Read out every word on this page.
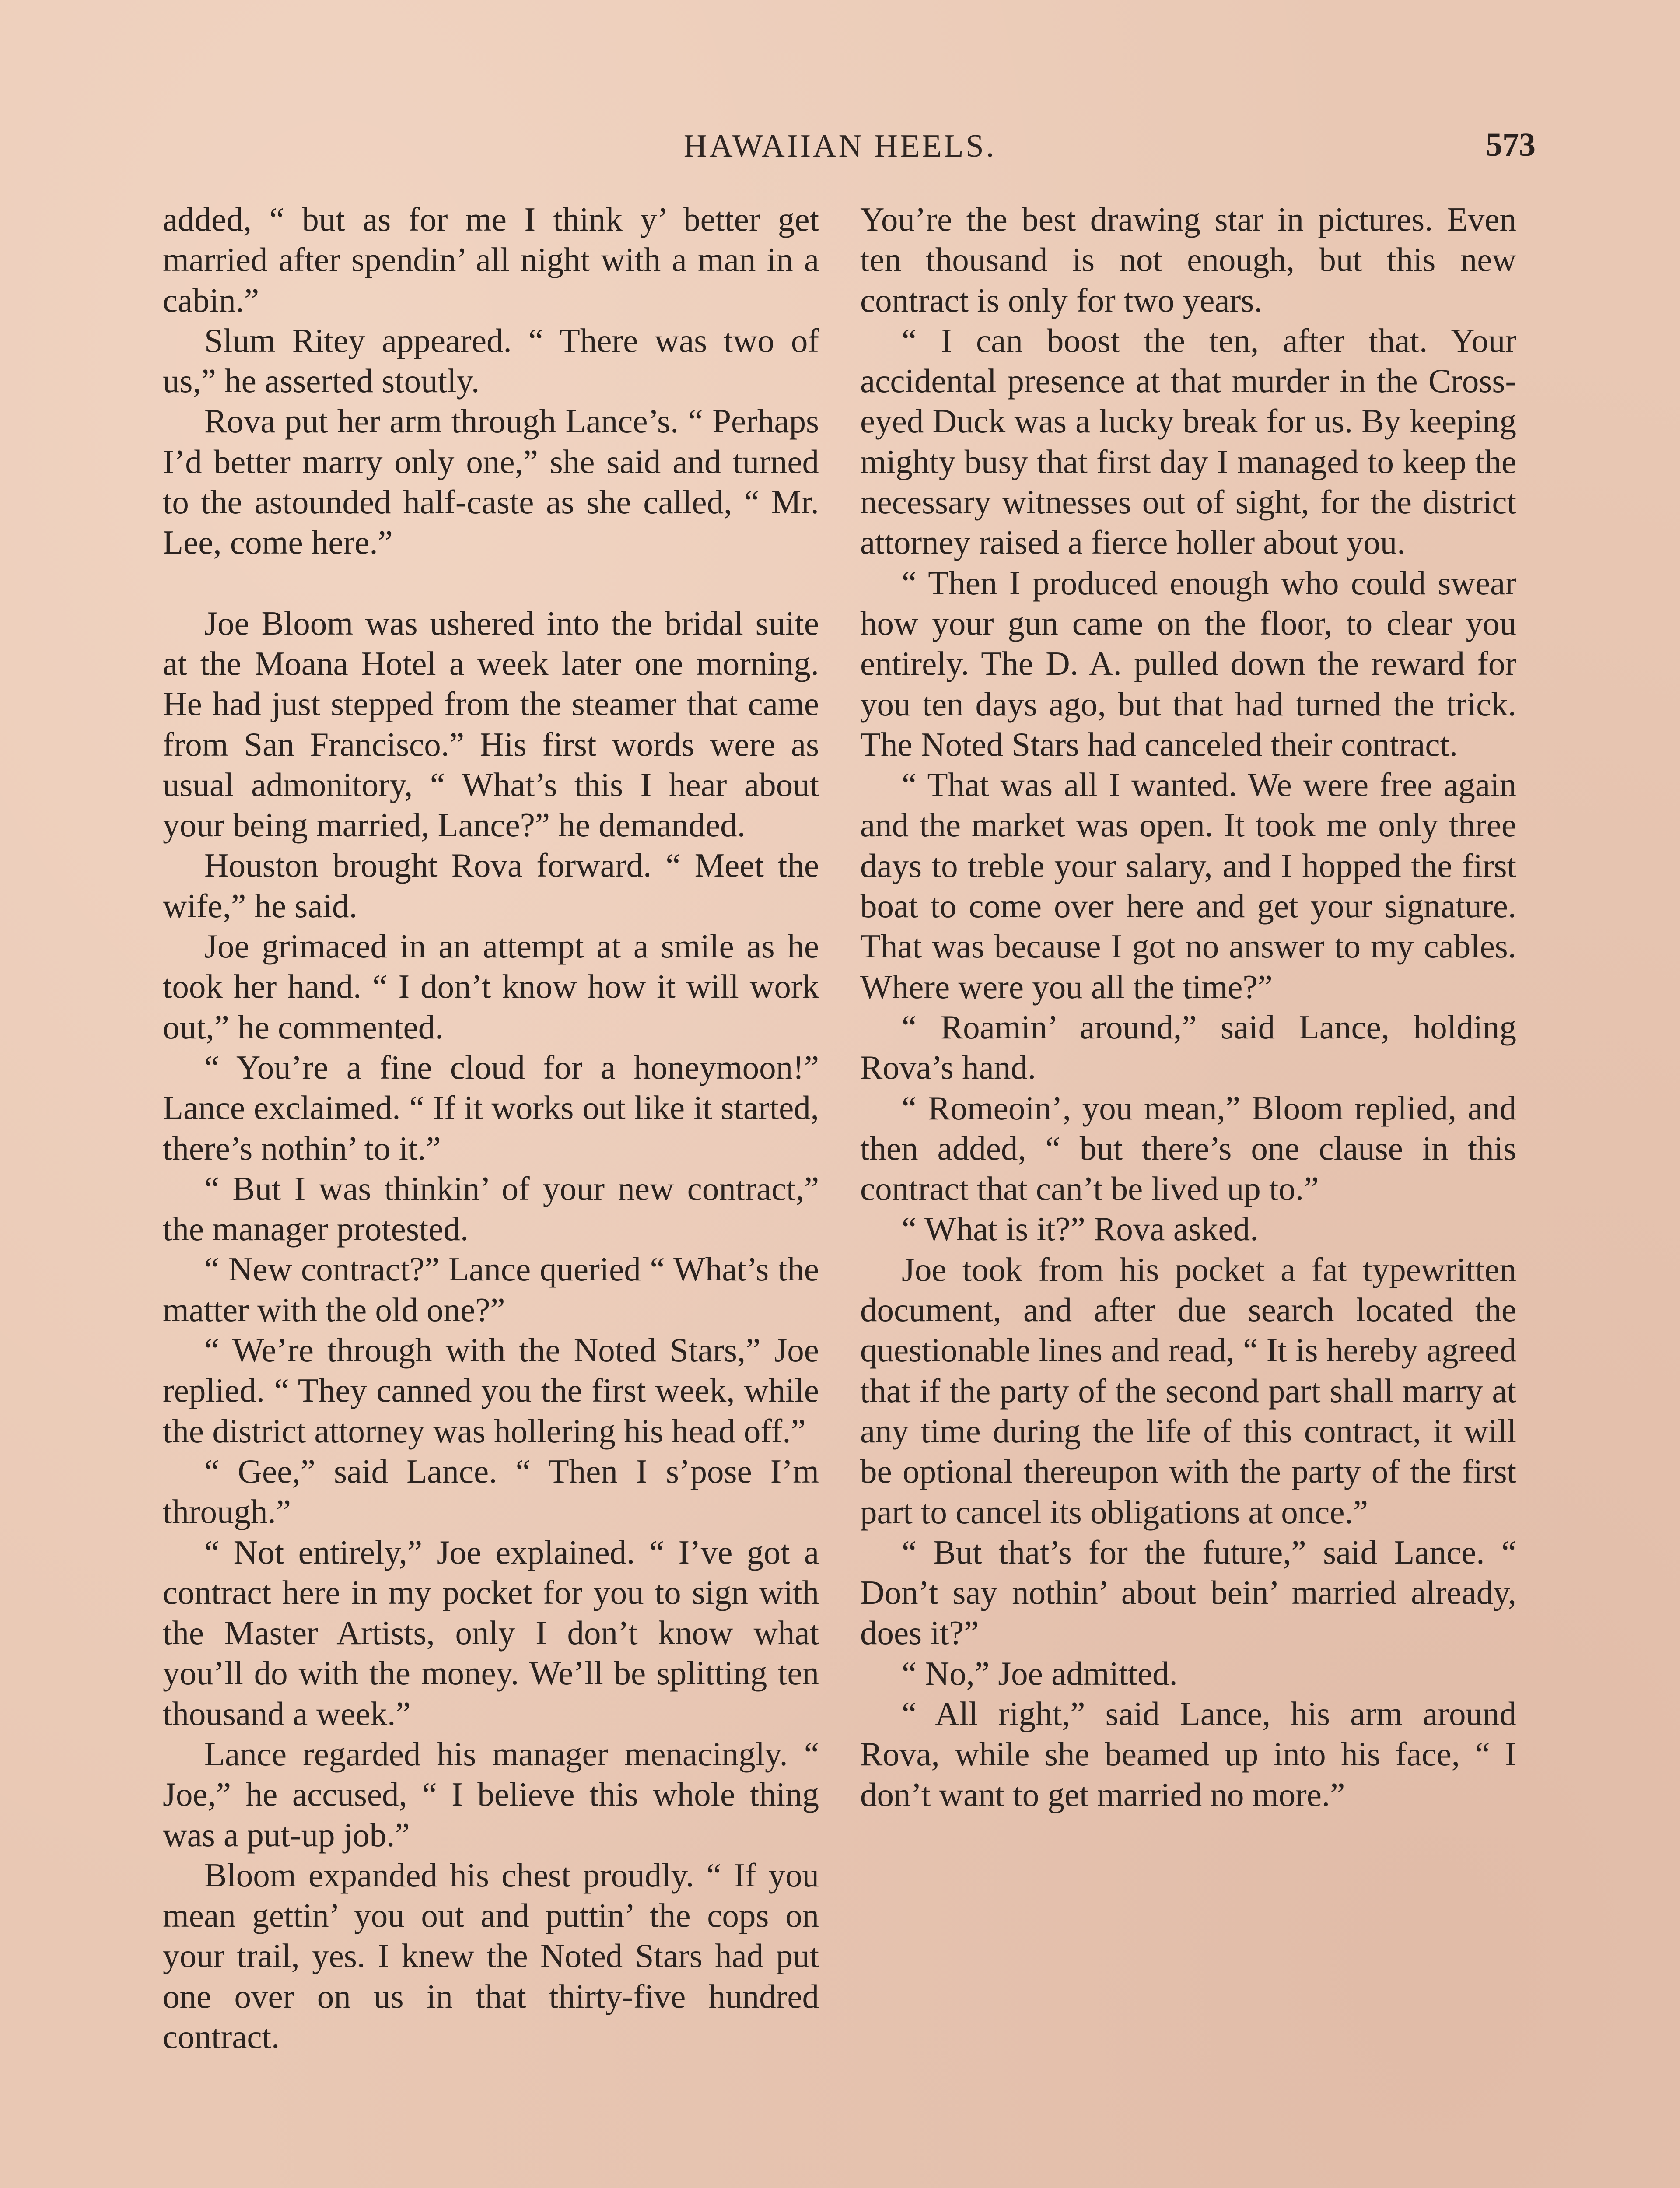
HAWAIIAN HEELS.	573

added, “ but as for me I think y’ better get married after spendin’ all night with a man in a cabin.”

Slum Ritey appeared. “ There was two of us,” he asserted stoutly.

Rova put her arm through Lance’s. “ Perhaps I’d better marry only one,” she said and turned to the astounded half-caste as she called, “ Mr. Lee, come here.”

Joe Bloom was ushered into the bridal suite at the Moana Hotel a week later one morning. He had just stepped from the steamer that came from San Francisco.” His first words were as usual admonitory, “ What’s this I hear about your being married, Lance?” he demanded.

Houston brought Rova forward. “ Meet the wife,” he said.

Joe grimaced in an attempt at a smile as he took her hand. “ I don’t know how it will work out,” he commented.

“ You’re a fine cloud for a honeymoon!” Lance exclaimed. “ If it works out like it started, there’s nothin’ to it.”

“ But I was thinkin’ of your new contract,” the manager protested.

“ New contract?” Lance queried “ What’s the matter with the old one?”

“ We’re through with the Noted Stars,” Joe replied. “ They canned you the first week, while the district attorney was hollering his head off.”

“ Gee,” said Lance. “ Then I s’pose I’m through.”

“ Not entirely,” Joe explained. “ I’ve got a contract here in my pocket for you to sign with the Master Artists, only I don’t know what you’ll do with the money. We’ll be splitting ten thousand a week.”

Lance regarded his manager menacingly. “ Joe,” he accused, “ I believe this whole thing was a put-up job.”

Bloom expanded his chest proudly. “ If you mean gettin’ you out and puttin’ the cops on your trail, yes. I knew the Noted Stars had put one over on us in that thirty-five hundred contract.

You’re the best drawing star in pictures. Even ten thousand is not enough, but this new contract is only for two years.

“ I can boost the ten, after that. Your accidental presence at that murder in the Cross-eyed Duck was a lucky break for us. By keeping mighty busy that first day I managed to keep the necessary witnesses out of sight, for the district attorney raised a fierce holler about you.

“ Then I produced enough who could swear how your gun came on the floor, to clear you entirely. The D. A. pulled down the reward for you ten days ago, but that had turned the trick. The Noted Stars had canceled their contract.

“ That was all I wanted. We were free again and the market was open. It took me only three days to treble your salary, and I hopped the first boat to come over here and get your signature. That was because I got no answer to my cables. Where were you all the time?”

“ Roamin’ around,” said Lance, holding Rova’s hand.

“ Romeoin’, you mean,” Bloom replied, and then added, “ but there’s one clause in this contract that can’t be lived up to.”

“ What is it?” Rova asked.

Joe took from his pocket a fat typewritten document, and after due search located the questionable lines and read, “ It is hereby agreed that if the party of the second part shall marry at any time during the life of this contract, it will be optional thereupon with the party of the first part to cancel its obligations at once.”

“ But that’s for the future,” said Lance. “ Don’t say nothin’ about bein’ married already, does it?”

“ No,” Joe admitted.

“ All right,” said Lance, his arm around Rova, while she beamed up into his face, “ I don’t want to get married no more.”
